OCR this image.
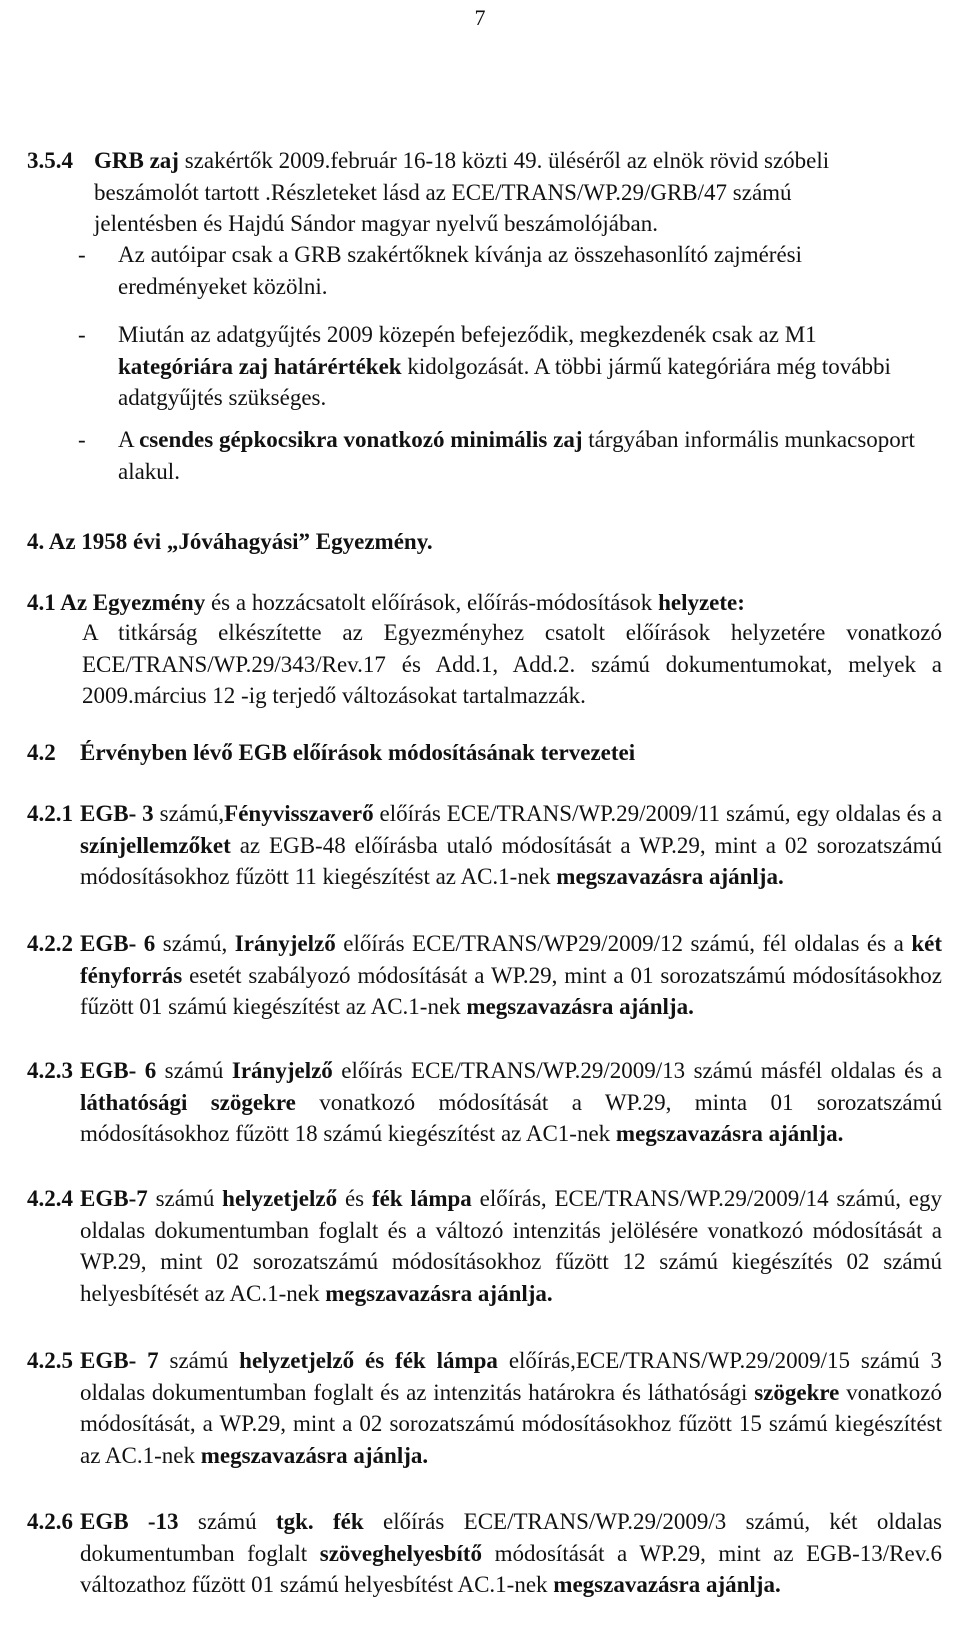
7
3.5.4 GRB zaj szakértők 2009.február 16-18 közti 49. üléséről az elnök rövid szóbeli beszámolót tartott .Részleteket lásd az ECE/TRANS/WP.29/GRB/47 számú jelentésben és Hajdú Sándor magyar nyelvű beszámolójában.
-	Az autóipar csak a GRB szakértőknek kívánja az összehasonlító zajmérési eredményeket közölni.
-	Miután az adatgyűjtés 2009 közepén befejeződik, megkezdenék csak az M1 kategóriára zaj határértékek kidolgozását. A többi jármű kategóriára még további adatgyűjtés szükséges.
-	A csendes gépkocsikra vonatkozó minimális zaj tárgyában informális munkacsoport alakul.
4. Az 1958 évi „Jóváhagyási” Egyezmény.
4.1 Az Egyezmény és a hozzácsatolt előírások, előírás-módosítások helyzete:
A titkárság elkészítette az Egyezményhez csatolt előírások helyzetére vonatkozó ECE/TRANS/WP.29/343/Rev.17 és Add.1, Add.2. számú dokumentumokat, melyek a 2009.március 12 -ig terjedő változásokat tartalmazzák.
4.2 Érvényben lévő EGB előírások módosításának tervezetei
4.2.1 EGB- 3 számú,Fényvisszaverő előírás ECE/TRANS/WP.29/2009/11 számú, egy oldalas és a színjellemzőket az EGB-48 előírásba utaló módosítását a WP.29, mint a 02 sorozatszámú módosításokhoz fűzött 11 kiegészítést az AC.1-nek megszavazásra ajánlja.
4.2.2 EGB- 6 számú, Irányjelző előírás ECE/TRANS/WP29/2009/12 számú, fél oldalas és a két fényforrás esetét szabályozó módosítását a WP.29, mint a 01 sorozatszámú módosításokhoz fűzött 01 számú kiegészítést az AC.1-nek megszavazásra ajánlja.
4.2.3 EGB- 6 számú Irányjelző előírás ECE/TRANS/WP.29/2009/13 számú másfél oldalas és a láthatósági szögekre vonatkozó módosítását a WP.29, minta 01 sorozatszámú módosításokhoz fűzött 18 számú kiegészítést az AC1-nek megszavazásra ajánlja.
4.2.4 EGB-7 számú helyzetjelző és fék lámpa előírás, ECE/TRANS/WP.29/2009/14 számú, egy oldalas dokumentumban foglalt és a változó intenzitás jelölésére vonatkozó módosítását a WP.29, mint 02 sorozatszámú módosításokhoz fűzött 12 számú kiegészítés 02 számú helyesbítését az AC.1-nek megszavazásra ajánlja.
4.2.5 EGB- 7 számú helyzetjelző és fék lámpa előírás,ECE/TRANS/WP.29/2009/15 számú 3 oldalas dokumentumban foglalt és az intenzitás határokra és láthatósági szögekre vonatkozó módosítását, a WP.29, mint a 02 sorozatszámú módosításokhoz fűzött 15 számú kiegészítést az AC.1-nek megszavazásra ajánlja.
4.2.6 EGB -13 számú tgk. fék előírás ECE/TRANS/WP.29/2009/3 számú, két oldalas dokumentumban foglalt szöveghelyesbítő módosítását a WP.29, mint az EGB-13/Rev.6 változathoz fűzött 01 számú helyesbítést AC.1-nek megszavazásra ajánlja.
